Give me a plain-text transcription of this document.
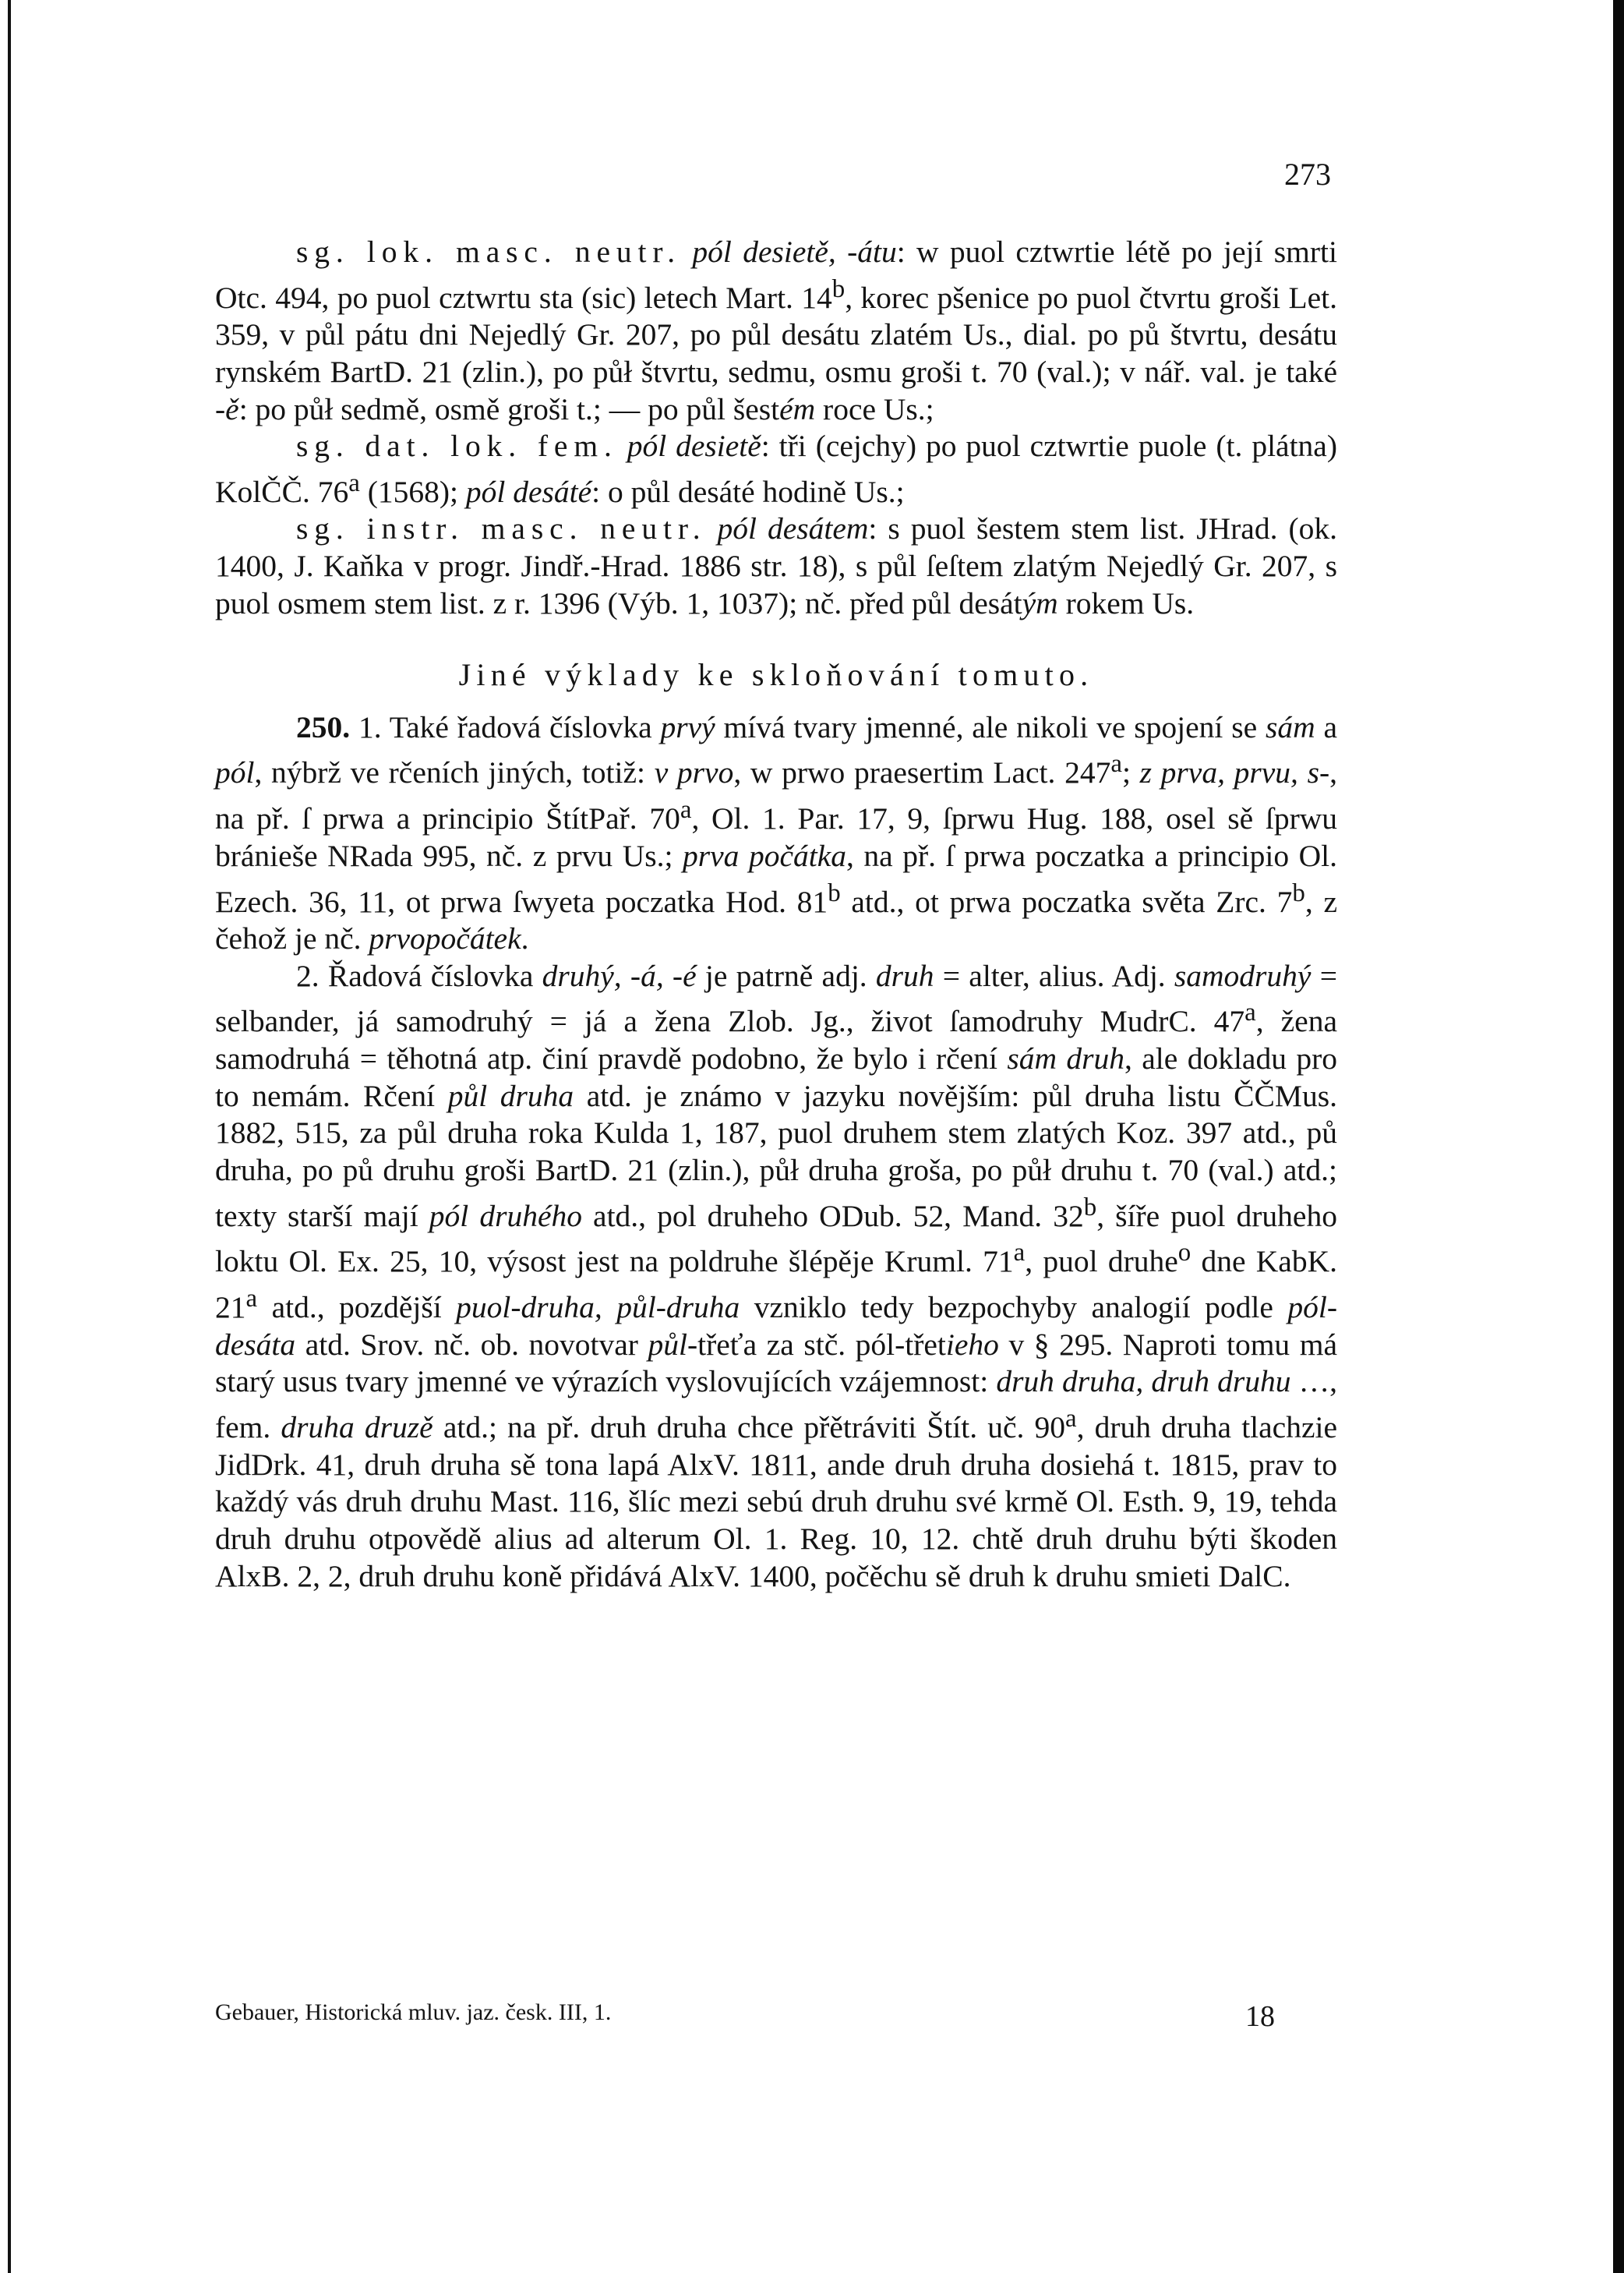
273

sg. lok. masc. neutr. pól desietě, -átu: w puol cztwrtie létě po její smrti Otc. 494, po puol cztwrtu sta (sic) letech Mart. 14$^b$, korec pšenice po puol čtvrtu groši Let. 359, v půl pátu dni Nejedlý Gr. 207, po půl desátu zlatém Us., dial. po pů štvrtu, desátu rynském BartD. 21 (zlin.), po půł štvrtu, sedmu, osmu groši t. 70 (val.); v nář. val. je také -ě: po půł sedmě, osmě groši t.; — po půl šestém roce Us.;

sg. dat. lok. fem. pól desietě: tři (cejchy) po puol cztwrtie puole (t. plátna) KolČČ. 76$^a$ (1568); pól desáté: o půl desáté hodině Us.;

sg. instr. masc. neutr. pól desátem: s puol šestem stem list. JHrad. (ok. 1400, J. Kaňka v progr. Jindř.-Hrad. 1886 str. 18), s půl ſeſtem zlatým Nejedlý Gr. 207, s puol osmem stem list. z r. 1396 (Výb. 1, 1037); nč. před půl desátým rokem Us.

Jiné výklady ke skloňování tomuto.

250. 1. Také řadová číslovka prvý mívá tvary jmenné, ale nikoli ve spojení se sám a pól, nýbrž ve rčeních jiných, totiž: v prvo, w prwo praesertim Lact. 247$^a$; z prva, prvu, s-, na př. ſ prwa a principio ŠtítPař. 70$^a$, Ol. 1. Par. 17, 9, ſprwu Hug. 188, osel sě ſprwu bránieše NRada 995, nč. z prvu Us.; prva počátka, na př. ſ prwa poczatka a principio Ol. Ezech. 36, 11, ot prwa ſwyeta poczatka Hod. 81$^b$ atd., ot prwa poczatka světa Zrc. 7$^b$, z čehož je nč. prvopočátek.

2. Řadová číslovka druhý, -á, -é je patrně adj. druh = alter, alius. Adj. samodruhý = selbander, já samodruhý = já a žena Zlob. Jg., život ſamodruhy MudrC. 47$^a$, žena samodruhá = těhotná atp. činí pravdě podobno, že bylo i rčení sám druh, ale dokladu pro to nemám. Rčení půl druha atd. je známo v jazyku novějším: půl druha listu ČČMus. 1882, 515, za půl druha roka Kulda 1, 187, puol druhem stem zlatých Koz. 397 atd., pů druha, po pů druhu groši BartD. 21 (zlin.), půł druha groša, po půł druhu t. 70 (val.) atd.; texty starší mají pól druhého atd., pol druheho ODub. 52, Mand. 32$^b$, šíře puol druheho loktu Ol. Ex. 25, 10, výsost jest na poldruhe šlépěje Kruml. 71$^a$, puol druhe$^o$ dne KabK. 21$^a$ atd., pozdější puol-druha, půl-druha vzniklo tedy bezpochyby analogií podle pól-desáta atd. Srov. nč. ob. novotvar půl-třeťa za stč. pól-třetieho v § 295. Naproti tomu má starý usus tvary jmenné ve výrazích vyslovujících vzájemnost: druh druha, druh druhu …, fem. druha druzě atd.; na př. druh druha chce přětráviti Štít. uč. 90$^a$, druh druha tlachzie JidDrk. 41, druh druha sě tona lapá AlxV. 1811, ande druh druha dosiehá t. 1815, prav to každý vás druh druhu Mast. 116, šlíc mezi sebú druh druhu své krmě Ol. Esth. 9, 19, tehda druh druhu otpovědě alius ad alterum Ol. 1. Reg. 10, 12. chtě druh druhu býti škoden AlxB. 2, 2, druh druhu koně přidává AlxV. 1400, počěchu sě druh k druhu smieti DalC.

Gebauer, Historická mluv. jaz. česk. III, 1.	18
